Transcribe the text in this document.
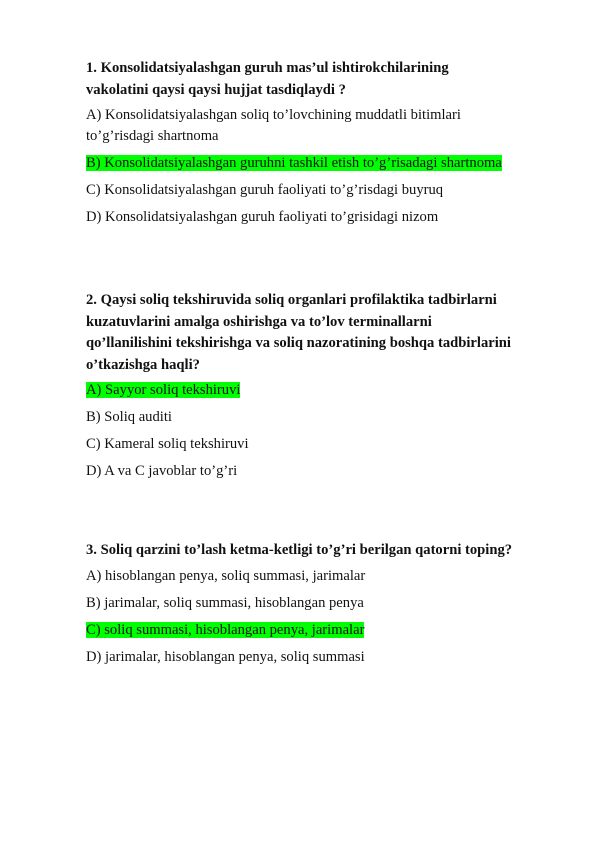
1. Konsolidatsiyalashgan guruh mas’ul ishtirokchilarining
vakolatini qaysi qaysi hujjat tasdiqlaydi ?
A) Konsolidatsiyalashgan soliq to’lovchining muddatli bitimlari
to’g’risdagi shartnoma
B) Konsolidatsiyalashgan guruhni tashkil etish to’g’risadagi shartnoma
C) Konsolidatsiyalashgan guruh faoliyati to’g’risdagi buyruq
D) Konsolidatsiyalashgan guruh faoliyati to’grisidagi nizom
2. Qaysi soliq tekshiruvida soliq organlari profilaktika tadbirlarni
kuzatuvlarini amalga oshirishga va to’lov terminallarni
qo’llanilishini tekshirishga va soliq nazoratining boshqa tadbirlarini
o’tkazishga haqli?
A) Sayyor soliq tekshiruvi
B) Soliq auditi
C) Kameral soliq tekshiruvi
D) A va C javoblar to’g’ri
3. Soliq qarzini to’lash ketma-ketligi to’g’ri berilgan qatorni toping?
A) hisoblangan penya, soliq summasi, jarimalar
B) jarimalar, soliq summasi, hisoblangan penya
C) soliq summasi, hisoblangan penya, jarimalar
D) jarimalar, hisoblangan penya, soliq summasi
